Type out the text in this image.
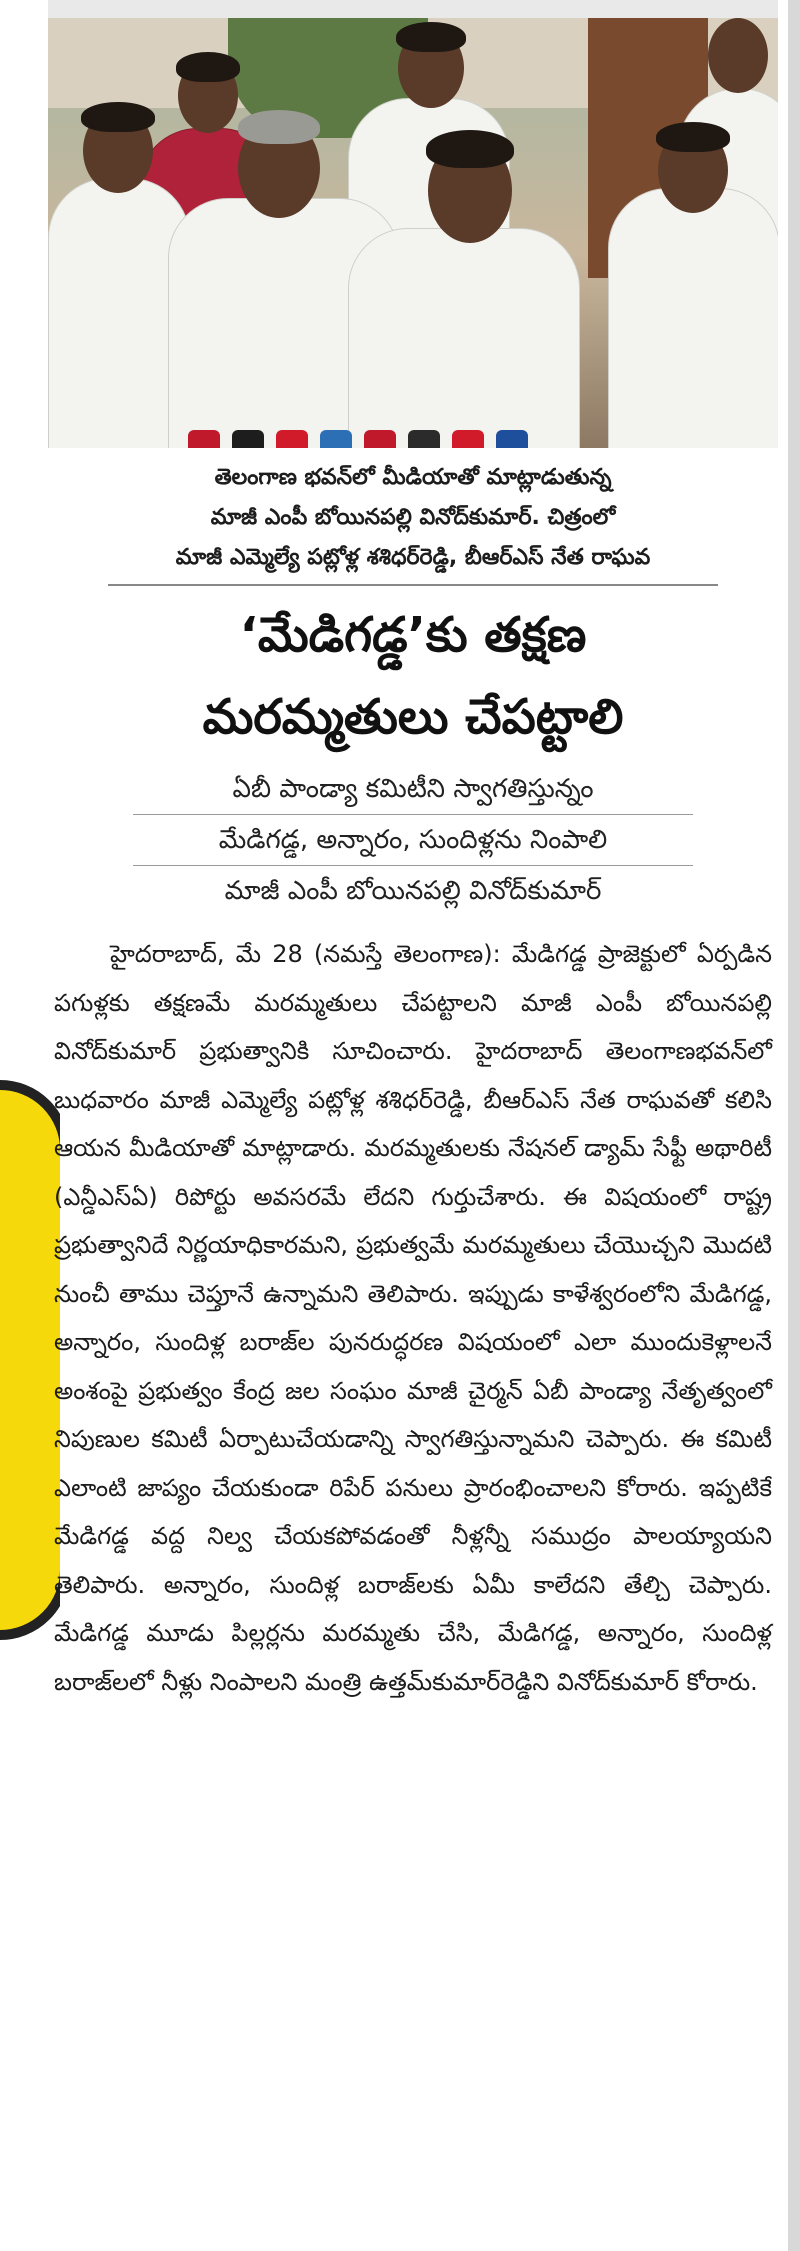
తెలంగాణ భవన్‌లో మీడియాతో మాట్లాడుతున్న
మాజీ ఎంపీ బోయినపల్లి వినోద్‌కుమార్. చిత్రంలో
మాజీ ఎమ్మెల్యే పట్లోళ్ల శశిధర్‌రెడ్డి, బీఆర్‌ఎస్ నేత రాఘవ
‘మేడిగడ్డ’కు తక్షణ
మరమ్మతులు చేపట్టాలి
ఏబీ పాండ్యా కమిటీని స్వాగతిస్తున్నం
మేడిగడ్డ, అన్నారం, సుందిళ్లను నింపాలి
మాజీ ఎంపీ బోయినపల్లి వినోద్‌కుమార్
హైదరాబాద్, మే 28 (నమస్తే తెలంగాణ): మేడిగడ్డ ప్రాజెక్టులో ఏర్పడిన పగుళ్లకు తక్షణమే మరమ్మతులు చేపట్టాలని మాజీ ఎంపీ బోయినపల్లి వినోద్‌కుమార్ ప్రభుత్వానికి సూచించారు. హైదరాబాద్ తెలంగాణభవన్‌లో బుధవారం మాజీ ఎమ్మెల్యే పట్లోళ్ల శశిధర్‌రెడ్డి, బీఆర్‌ఎస్ నేత రాఘవతో కలిసి ఆయన మీడియాతో మాట్లాడారు. మరమ్మతులకు నేషనల్ డ్యామ్ సేఫ్టీ అథారిటీ (ఎన్డీఎస్‌ఏ) రిపోర్టు అవసరమే లేదని గుర్తుచేశారు. ఈ విషయంలో రాష్ట్ర ప్రభుత్వానిదే నిర్ణయాధికారమని, ప్రభుత్వమే మరమ్మతులు చేయొచ్చని మొదటి నుంచీ తాము చెప్తూనే ఉన్నామని తెలిపారు. ఇప్పుడు కాళేశ్వరంలోని మేడిగడ్డ, అన్నారం, సుందిళ్ల బరాజ్‌ల పునరుద్ధరణ విషయంలో ఎలా ముందుకెళ్లాలనే అంశంపై ప్రభుత్వం కేంద్ర జల సంఘం మాజీ చైర్మన్ ఏబీ పాండ్యా నేతృత్వంలో నిపుణుల కమిటీ ఏర్పాటుచేయడాన్ని స్వాగతిస్తున్నామని చెప్పారు. ఈ కమిటీ ఎలాంటి జాప్యం చేయకుండా రిపేర్ పనులు ప్రారంభించాలని కోరారు. ఇప్పటికే మేడిగడ్డ వద్ద నిల్వ చేయకపోవడంతో నీళ్లన్నీ సముద్రం పాలయ్యాయని తెలిపారు. అన్నారం, సుందిళ్ల బరాజ్‌లకు ఏమీ కాలేదని తేల్చి చెప్పారు. మేడిగడ్డ మూడు పిల్లర్లను మరమ్మతు చేసి, మేడిగడ్డ, అన్నారం, సుందిళ్ల బరాజ్‌లలో నీళ్లు నింపాలని మంత్రి ఉత్తమ్‌కుమార్‌రెడ్డిని వినోద్‌కుమార్ కోరారు.
